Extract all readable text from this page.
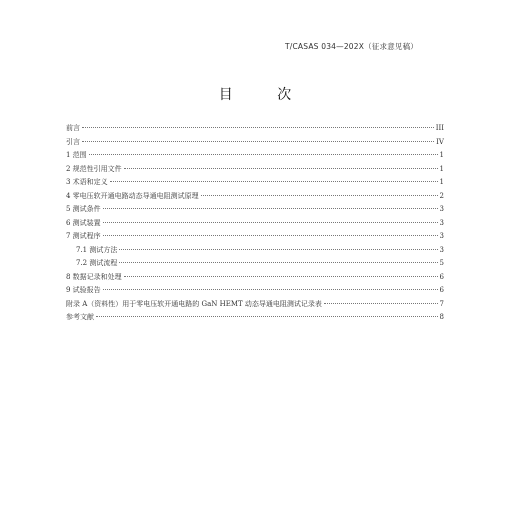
T/CASAS 034—202X（征求意见稿）
目 次
前言	III
引言	IV
1 范围	1
2 规范性引用文件	1
3 术语和定义	1
4 零电压软开通电路动态导通电阻测试原理	2
5 测试条件	3
6 测试装置	3
7 测试程序	3
7.1 测试方法	3
7.2 测试流程	5
8 数据记录和处理	6
9 试验报告	6
附录 A（资料性）用于零电压软开通电路的 GaN HEMT 动态导通电阻测试记录表	7
参考文献	8
